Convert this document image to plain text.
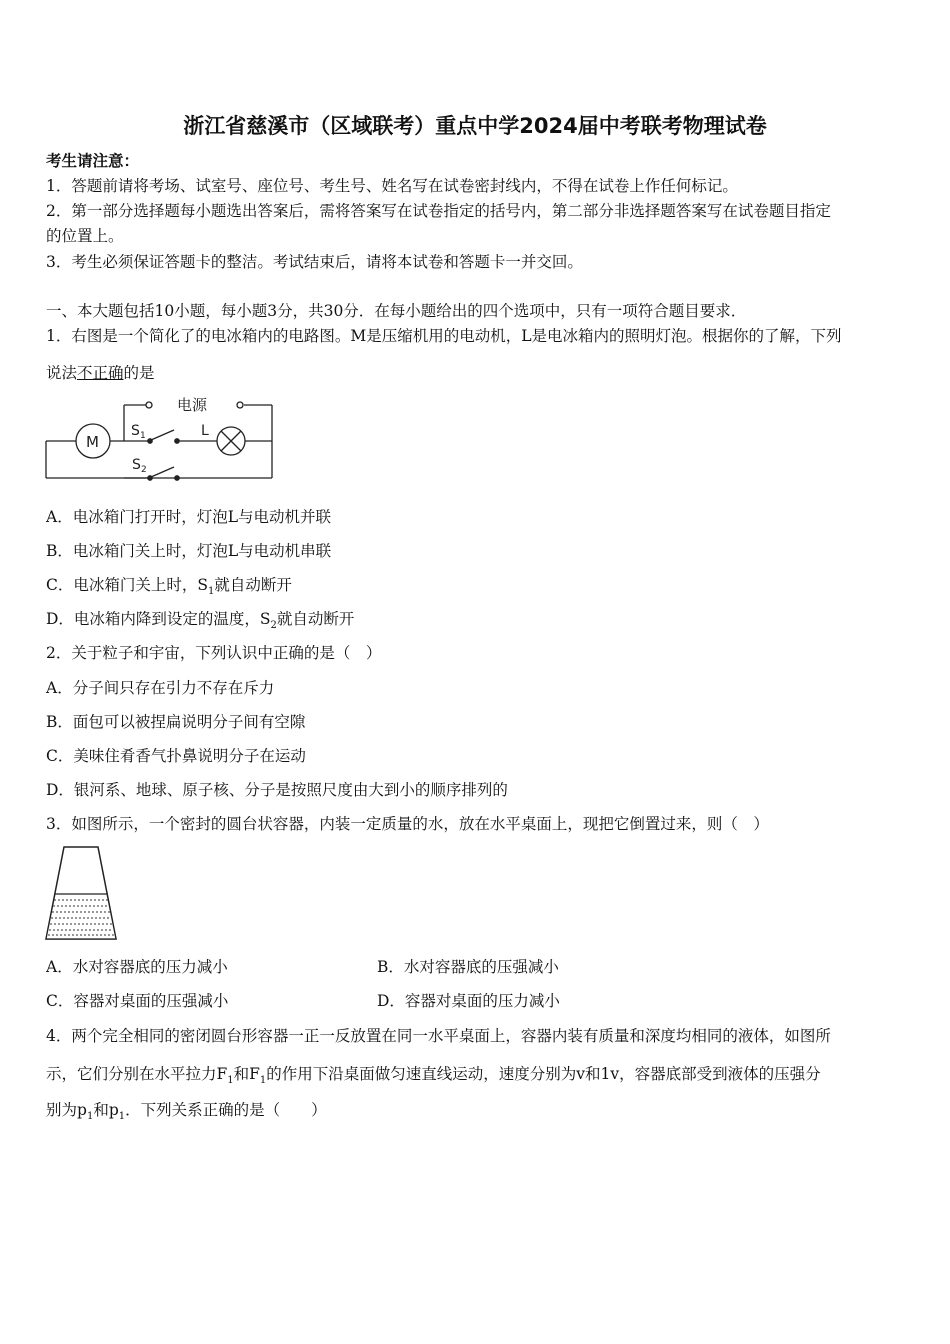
浙江省慈溪市（区域联考）重点中学2024届中考联考物理试卷
考生请注意：
1．答题前请将考场、试室号、座位号、考生号、姓名写在试卷密封线内，不得在试卷上作任何标记。
2．第一部分选择题每小题选出答案后，需将答案写在试卷指定的括号内，第二部分非选择题答案写在试卷题目指定
的位置上。
3．考生必须保证答题卡的整洁。考试结束后，请将本试卷和答题卡一并交回。
一、本大题包括10小题，每小题3分，共30分．在每小题给出的四个选项中，只有一项符合题目要求．
1．右图是一个简化了的电冰箱内的电路图。M是压缩机用的电动机，L是电冰箱内的照明灯泡。根据你的了解，下列
说法不正确的是
电源
M
S 1
S 2
L
A．电冰箱门打开时，灯泡L与电动机并联
B．电冰箱门关上时，灯泡L与电动机串联
C．电冰箱门关上时，$S_1$就自动断开
D．电冰箱内降到设定的温度，$S_2$就自动断开
2．关于粒子和宇宙，下列认识中正确的是（　）
A．分子间只存在引力不存在斥力
B．面包可以被捏扁说明分子间有空隙
C．美味住肴香气扑鼻说明分子在运动
D．银河系、地球、原子核、分子是按照尺度由大到小的顺序排列的
3．如图所示，一个密封的圆台状容器，内装一定质量的水，放在水平桌面上，现把它倒置过来，则（　）
A．水对容器底的压力减小	B．水对容器底的压强减小
C．容器对桌面的压强减小	D．容器对桌面的压力减小
4．两个完全相同的密闭圆台形容器一正一反放置在同一水平桌面上，容器内装有质量和深度均相同的液体，如图所
示，它们分别在水平拉力$F_1$和$F_1$的作用下沿桌面做匀速直线运动，速度分别为v和1v，容器底部受到液体的压强分
别为$p_1$和$p_1$．下列关系正确的是（　　）
